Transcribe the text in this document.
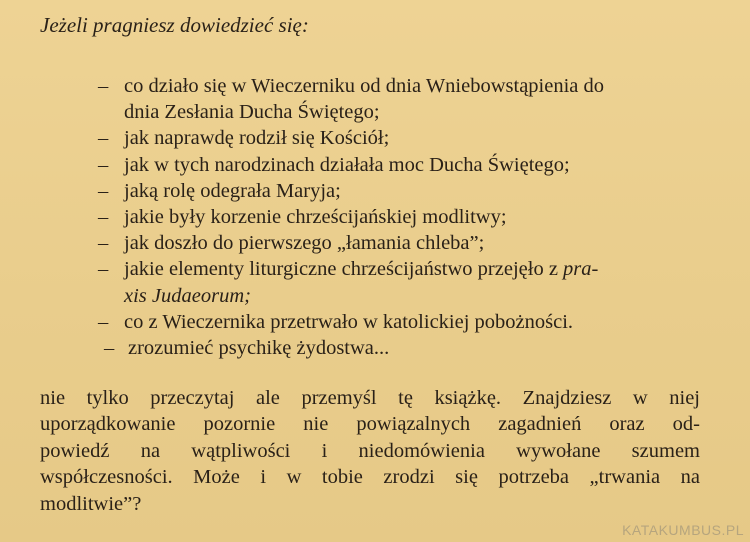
Jeżeli pragniesz dowiedzieć się:
– co działo się w Wieczerniku od dnia Wniebowstąpienia do
dnia Zesłania Ducha Świętego;
– jak naprawdę rodził się Kościół;
– jak w tych narodzinach działała moc Ducha Świętego;
– jaką rolę odegrała Maryja;
– jakie były korzenie chrześcijańskiej modlitwy;
– jak doszło do pierwszego „łamania chleba”;
– jakie elementy liturgiczne chrześcijaństwo przejęło z pra-
xis Judaeorum;
– co z Wieczernika przetrwało w katolickiej pobożności.
– zrozumieć psychikę żydostwa...
nie tylko przeczytaj ale przemyśl tę książkę. Znajdziesz w niej
uporządkowanie pozornie nie powiązalnych zagadnień oraz od-
powiedź na wątpliwości i niedomówienia wywołane szumem
współczesności. Może i w tobie zrodzi się potrzeba „trwania na
modlitwie”?
KATAKUMBUS.PL
